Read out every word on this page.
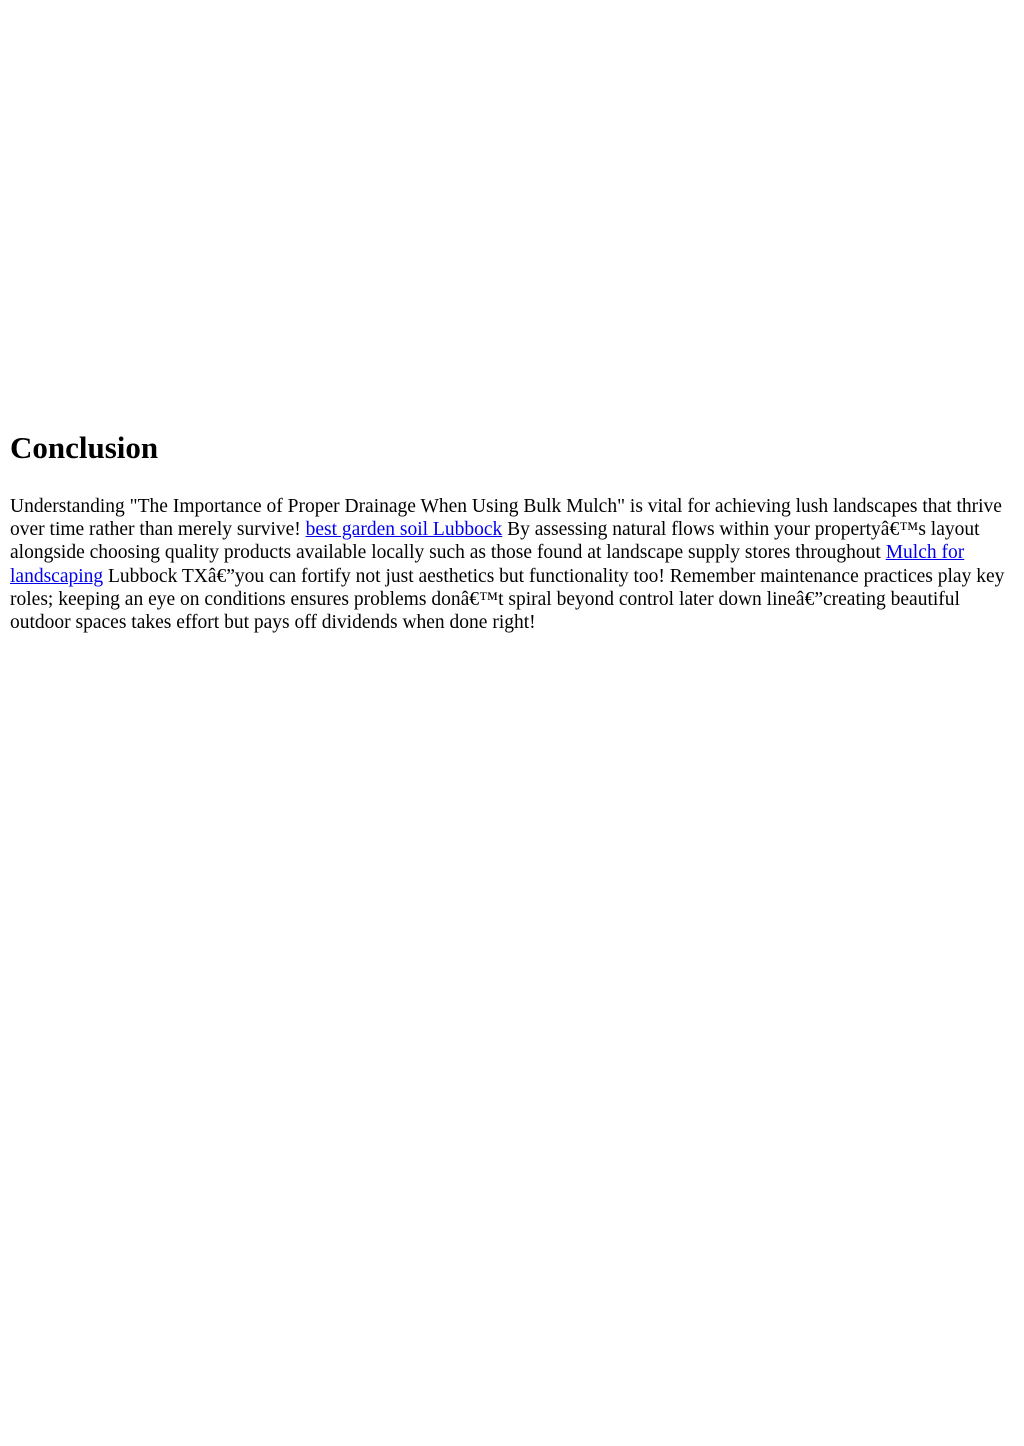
Conclusion

Understanding "The Importance of Proper Drainage When Using Bulk Mulch" is vital for achieving lush landscapes that thrive over time rather than merely survive! best garden soil Lubbock By assessing natural flows within your propertyâ€™s layout alongside choosing quality products available locally such as those found at landscape supply stores throughout Mulch for landscaping Lubbock TXâ€”you can fortify not just aesthetics but functionality too! Remember maintenance practices play key roles; keeping an eye on conditions ensures problems donâ€™t spiral beyond control later down lineâ€”creating beautiful outdoor spaces takes effort but pays off dividends when done right!
